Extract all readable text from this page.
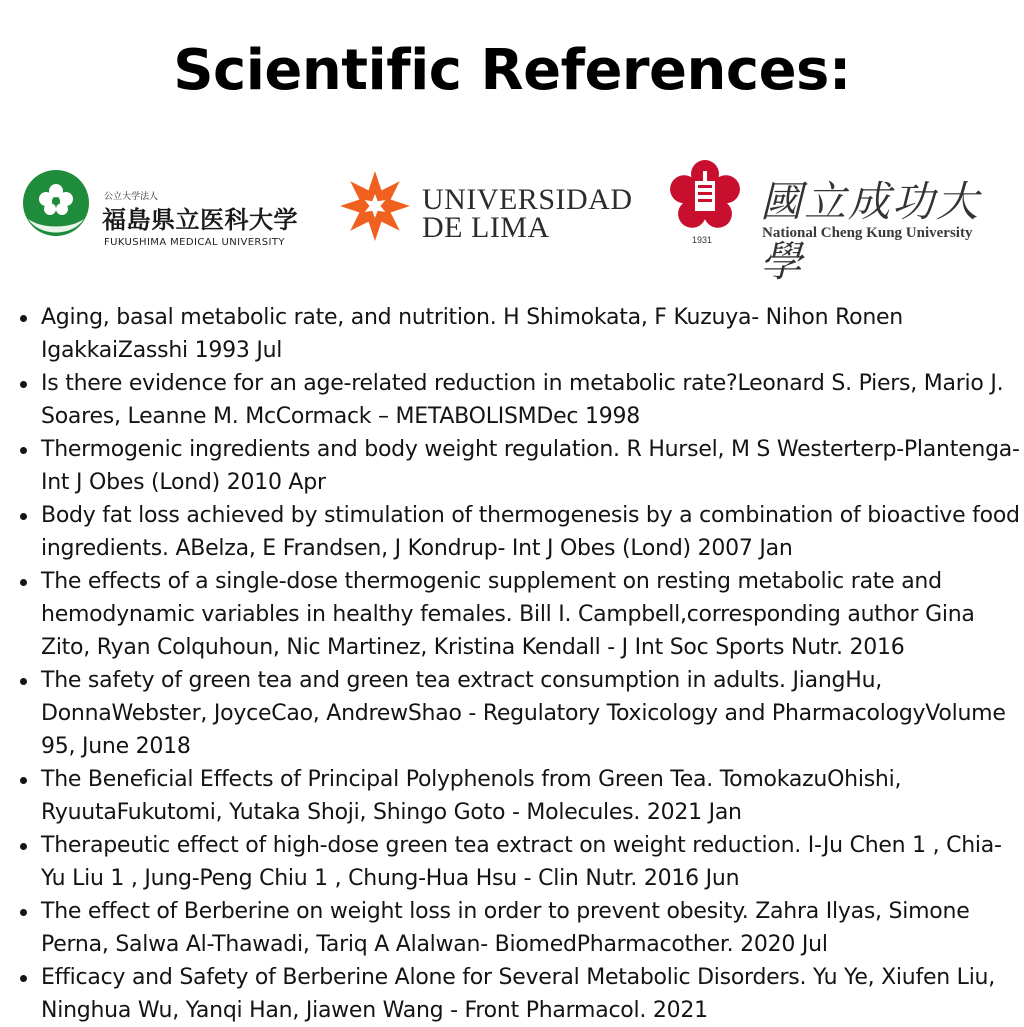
Scientific References:
公立大学法人
福島県立医科大学
FUKUSHIMA MEDICAL UNIVERSITY
UNIVERSIDAD
DE LIMA	1931
國立成功大學
National Cheng Kung University
Aging, basal metabolic rate, and nutrition. H Shimokata, F Kuzuya- Nihon Ronen IgakkaiZasshi 1993 Jul
Is there evidence for an age-related reduction in metabolic rate?Leonard S. Piers, Mario J. Soares, Leanne M. McCormack – METABOLISMDec 1998
Thermogenic ingredients and body weight regulation. R Hursel, M S Westerterp-Plantenga- Int J Obes (Lond) 2010 Apr
Body fat loss achieved by stimulation of thermogenesis by a combination of bioactive food ingredients. ABelza, E Frandsen, J Kondrup- Int J Obes (Lond) 2007 Jan
The effects of a single-dose thermogenic supplement on resting metabolic rate and hemodynamic variables in healthy females. Bill I. Campbell,corresponding author Gina Zito, Ryan Colquhoun, Nic Martinez, Kristina Kendall - J Int Soc Sports Nutr. 2016
The safety of green tea and green tea extract consumption in adults. JiangHu, DonnaWebster, JoyceCao, AndrewShao - Regulatory Toxicology and PharmacologyVolume 95, June 2018
The Beneficial Effects of Principal Polyphenols from Green Tea. TomokazuOhishi, RyuutaFukutomi, Yutaka Shoji, Shingo Goto - Molecules. 2021 Jan
Therapeutic effect of high-dose green tea extract on weight reduction. I-Ju Chen 1 , Chia-Yu Liu 1 , Jung-Peng Chiu 1 , Chung-Hua Hsu - Clin Nutr. 2016 Jun
The effect of Berberine on weight loss in order to prevent obesity. Zahra Ilyas, Simone Perna, Salwa Al-Thawadi, Tariq A Alalwan- BiomedPharmacother. 2020 Jul
Efficacy and Safety of Berberine Alone for Several Metabolic Disorders. Yu Ye, Xiufen Liu, Ninghua Wu, Yanqi Han, Jiawen Wang - Front Pharmacol. 2021
